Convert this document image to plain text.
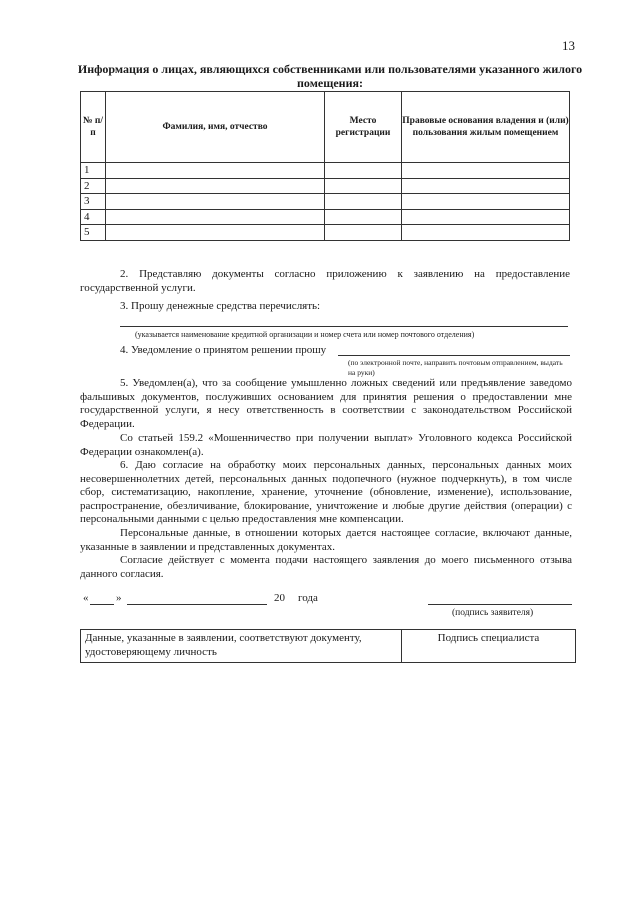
13
Информация о лицах, являющихся собственниками или пользователями указанного жилого помещения:
№ п/п	Фамилия, имя, отчество	Место регистрации	Правовые основания владения и (или) пользования жилым помещением
1			
2			
3			
4			
5			
2. Представляю документы согласно приложению к заявлению на предоставление государственной услуги.
3. Прошу денежные средства перечислять:
(указывается наименование кредитной организации и номер счета или номер почтового отделения)
4. Уведомление о принятом решении прошу
(по электронной почте, направить почтовым отправлением, выдать на руки)
5. Уведомлен(а), что за сообщение умышленно ложных сведений или предъявление заведомо фальшивых документов, послуживших основанием для принятия решения о предоставлении мне государственной услуги, я несу ответственность в соответствии с законодательством Российской Федерации.
Со статьей 159.2 «Мошенничество при получении выплат» Уголовного кодекса Российской Федерации ознакомлен(а).
6. Даю согласие на обработку моих персональных данных, персональных данных моих несовершеннолетних детей, персональных данных подопечного (нужное подчеркнуть), в том числе сбор, систематизацию, накопление, хранение, уточнение (обновление, изменение), использование, распространение, обезличивание, блокирование, уничтожение и любые другие действия (операции) с персональными данными с целью предоставления мне компенсации.
Персональные данные, в отношении которых дается настоящее согласие, включают данные, указанные в заявлении и представленных документах.
Согласие действует с момента подачи настоящего заявления до моего письменного отзыва данного согласия.
«	»	20 года
(подпись заявителя)
Данные, указанные в заявлении, соответствуют документу, удостоверяющему личность	Подпись специалиста
